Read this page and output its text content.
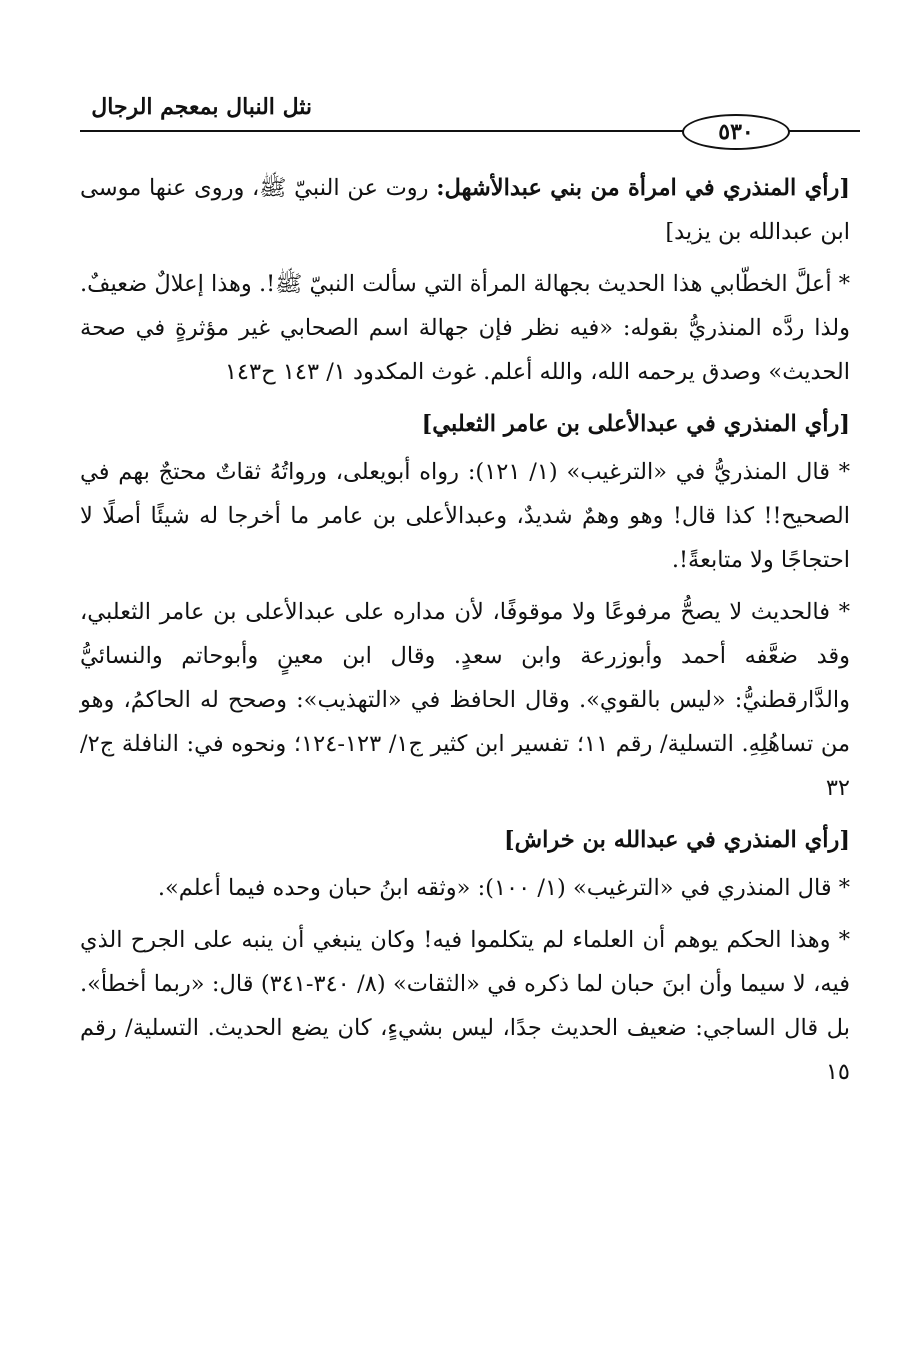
نثل النبال بمعجم الرجال
٥٣٠

[رأي المنذري في امرأة من بني عبدالأشهل: روت عن النبيّ ﷺ، وروى عنها موسى ابن عبدالله بن يزيد]

* أعلَّ الخطّابي هذا الحديث بجهالة المرأة التي سألت النبيّ ﷺ!. وهذا إعلالٌ ضعيفٌ. ولذا ردَّه المنذريُّ بقوله: «فيه نظر فإن جهالة اسم الصحابي غير مؤثرةٍ في صحة الحديث» وصدق يرحمه الله، والله أعلم. غوث المكدود ١/ ١٤٣ ح١٤٣

[رأي المنذري في عبدالأعلى بن عامر الثعلبي]

* قال المنذريُّ في «الترغيب» (١/ ١٢١): رواه أبويعلى، ورواتُهُ ثقاتٌ محتجٌ بهم في الصحيح!! كذا قال! وهو وهمٌ شديدٌ، وعبدالأعلى بن عامر ما أخرجا له شيئًا أصلًا لا احتجاجًا ولا متابعةً!.

* فالحديث لا يصحُّ مرفوعًا ولا موقوفًا، لأن مداره على عبدالأعلى بن عامر الثعلبي، وقد ضعَّفه أحمد وأبوزرعة وابن سعدٍ. وقال ابن معينٍ وأبوحاتم والنسائيُّ والدَّارقطنيُّ: «ليس بالقوي». وقال الحافظ في «التهذيب»: وصحح له الحاكمُ، وهو من تساهُلِهِ. التسلية/ رقم ١١؛ تفسير ابن كثير ج١/ ١٢٣-١٢٤؛ ونحوه في: النافلة ج٢/ ٣٢

[رأي المنذري في عبدالله بن خراش]

* قال المنذري في «الترغيب» (١/ ١٠٠): «وثقه ابنُ حبان وحده فيما أعلم».

* وهذا الحكم يوهم أن العلماء لم يتكلموا فيه! وكان ينبغي أن ينبه على الجرح الذي فيه، لا سيما وأن ابنَ حبان لما ذكره في «الثقات» (٨/ ٣٤٠-٣٤١) قال: «ربما أخطأ». بل قال الساجي: ضعيف الحديث جدًا، ليس بشيءٍ، كان يضع الحديث. التسلية/ رقم ١٥
